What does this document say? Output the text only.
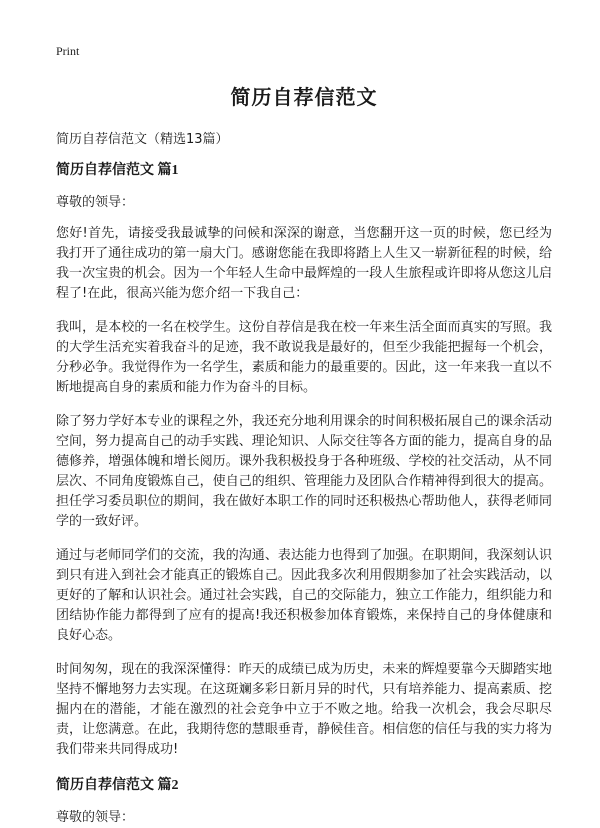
Print
简历自荐信范文
简历自荐信范文（精选13篇）
简历自荐信范文 篇1
尊敬的领导：

您好!首先，请接受我最诚挚的问候和深深的谢意，当您翻开这一页的时候，您已经为我打开了通往成功的第一扇大门。感谢您能在我即将踏上人生又一崭新征程的时候，给我一次宝贵的机会。因为一个年轻人生命中最辉煌的一段人生旅程或许即将从您这儿启程了!在此，很高兴能为您介绍一下我自己：

我叫，是本校的一名在校学生。这份自荐信是我在校一年来生活全面而真实的写照。我的大学生活充实着我奋斗的足迹，我不敢说我是最好的，但至少我能把握每一个机会，分秒必争。我觉得作为一名学生，素质和能力的最重要的。因此，这一年来我一直以不断地提高自身的素质和能力作为奋斗的目标。

除了努力学好本专业的课程之外，我还充分地利用课余的时间积极拓展自己的课余活动空间，努力提高自己的动手实践、理论知识、人际交往等各方面的能力，提高自身的品德修养，增强体魄和增长阅历。课外我积极投身于各种班级、学校的社交活动，从不同层次、不同角度锻炼自己，使自己的组织、管理能力及团队合作精神得到很大的提高。担任学习委员职位的期间，我在做好本职工作的同时还积极热心帮助他人，获得老师同学的一致好评。

通过与老师同学们的交流，我的沟通、表达能力也得到了加强。在职期间，我深刻认识到只有进入到社会才能真正的锻炼自己。因此我多次利用假期参加了社会实践活动，以更好的了解和认识社会。通过社会实践，自己的交际能力，独立工作能力，组织能力和团结协作能力都得到了应有的提高!我还积极参加体育锻炼，来保持自己的身体健康和良好心态。

时间匆匆，现在的我深深懂得：昨天的成绩已成为历史，未来的辉煌要靠今天脚踏实地坚持不懈地努力去实现。在这斑斓多彩日新月异的时代，只有培养能力、提高素质、挖掘内在的潜能，才能在激烈的社会竞争中立于不败之地。给我一次机会，我会尽职尽责，让您满意。在此，我期待您的慧眼垂青，静候佳音。相信您的信任与我的实力将为我们带来共同得成功!

简历自荐信范文 篇2
尊敬的领导：
